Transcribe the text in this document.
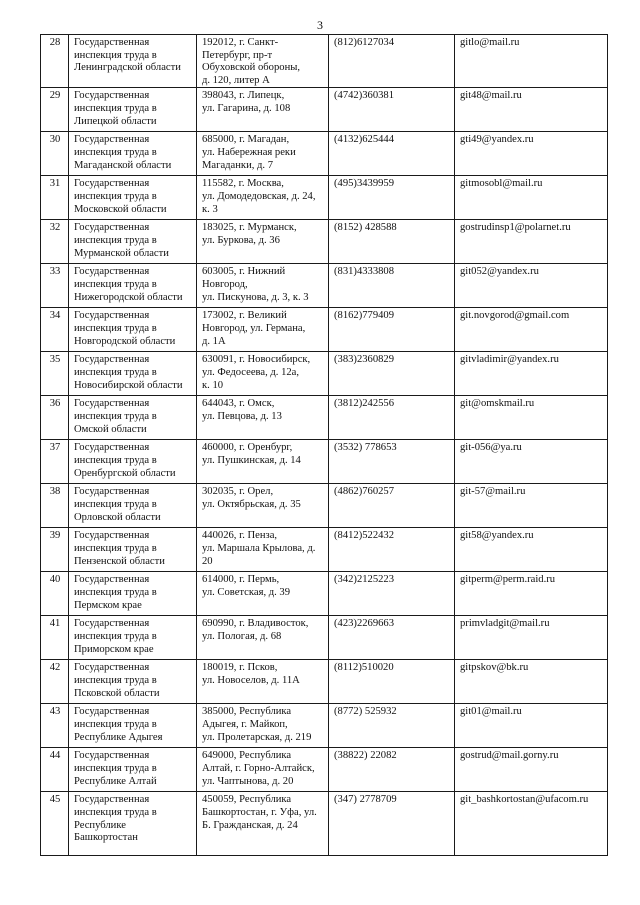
3
28	Государственная
инспекция труда в
Ленинградской области	192012, г. Санкт-
Петербург, пр-т
Обуховской обороны,
д. 120, литер А	(812)6127034	gitlo@mail.ru
29	Государственная
инспекция труда в
Липецкой области	398043, г. Липецк,
ул. Гагарина, д. 108	(4742)360381	git48@mail.ru
30	Государственная
инспекция труда в
Магаданской области	685000, г. Магадан,
ул. Набережная реки
Магаданки, д. 7	(4132)625444	gti49@yandex.ru
31	Государственная
инспекция труда в
Московской области	115582, г. Москва,
ул. Домодедовская, д. 24,
к. 3	(495)3439959	gitmosobl@mail.ru
32	Государственная
инспекция труда в
Мурманской области	183025, г. Мурманск,
ул. Буркова, д. 36	(8152) 428588	gostrudinsp1@polarnet.ru
33	Государственная
инспекция труда в
Нижегородской области	603005, г. Нижний
Новгород,
ул. Пискунова, д. 3, к. 3	(831)4333808	git052@yandex.ru
34	Государственная
инспекция труда в
Новгородской области	173002, г. Великий
Новгород, ул. Германа,
д. 1А	(8162)779409	git.novgorod@gmail.com
35	Государственная
инспекция труда в
Новосибирской области	630091, г. Новосибирск,
ул. Федосеева, д. 12а,
к. 10	(383)2360829	gitvladimir@yandex.ru
36	Государственная
инспекция труда в
Омской области	644043, г. Омск,
ул. Певцова, д. 13	(3812)242556	git@omskmail.ru
37	Государственная
инспекция труда в
Оренбургской области	460000, г. Оренбург,
ул. Пушкинская, д. 14	(3532) 778653	git-056@ya.ru
38	Государственная
инспекция труда в
Орловской области	302035, г. Орел,
ул. Октябрьская, д. 35	(4862)760257	git-57@mail.ru
39	Государственная
инспекция труда в
Пензенской области	440026, г. Пенза,
ул. Маршала Крылова, д.
20	(8412)522432	git58@yandex.ru
40	Государственная
инспекция труда в
Пермском крае	614000, г. Пермь,
ул. Советская, д. 39	(342)2125223	gitperm@perm.raid.ru
41	Государственная
инспекция труда в
Приморском крае	690990, г. Владивосток,
ул. Пологая, д. 68	(423)2269663	primvladgit@mail.ru
42	Государственная
инспекция труда в
Псковской области	180019, г. Псков,
ул. Новоселов, д. 11А	(8112)510020	gitpskov@bk.ru
43	Государственная
инспекция труда в
Республике Адыгея	385000, Республика
Адыгея, г. Майкоп,
ул. Пролетарская, д. 219	(8772) 525932	git01@mail.ru
44	Государственная
инспекция труда в
Республике Алтай	649000, Республика
Алтай, г. Горно-Алтайск,
ул. Чаптынова, д. 20	(38822) 22082	gostrud@mail.gorny.ru
45	Государственная
инспекция труда в
Республике
Башкортостан	450059, Республика
Башкортостан, г. Уфа, ул.
Б. Гражданская, д. 24	(347) 2778709	git_bashkortostan@ufacom.ru
